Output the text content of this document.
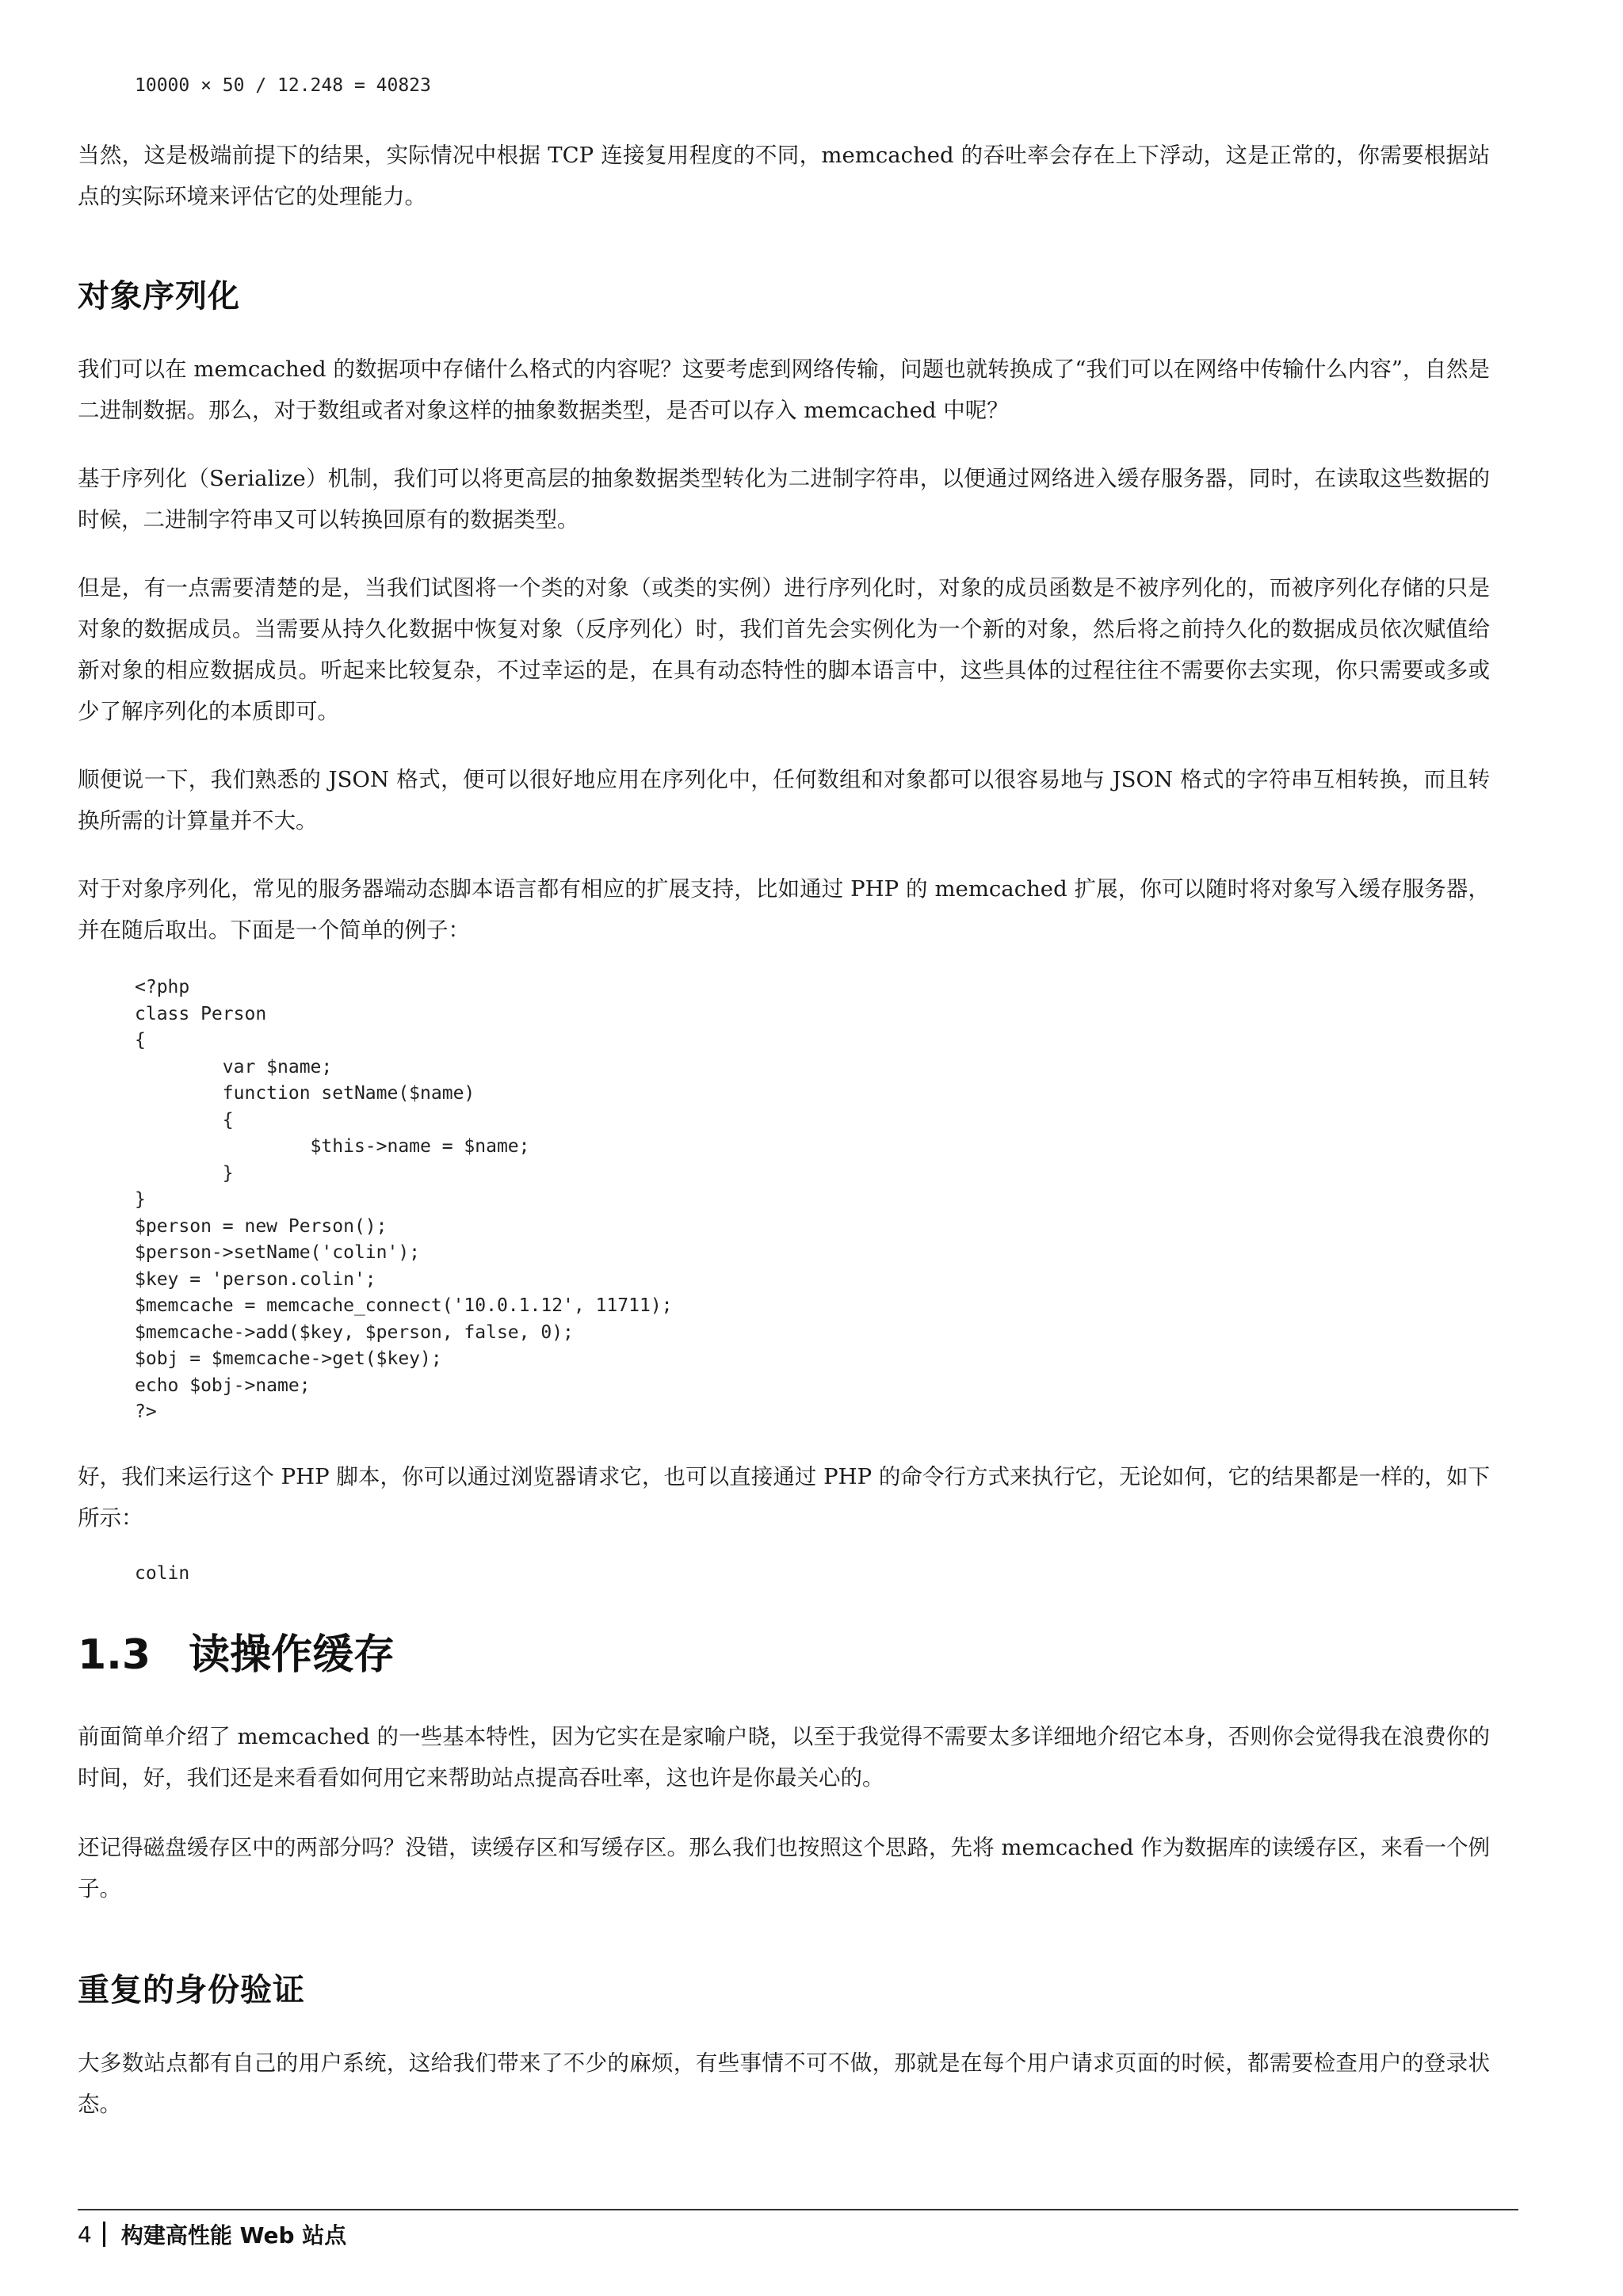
10000 × 50 / 12.248 = 40823

当然，这是极端前提下的结果，实际情况中根据 TCP 连接复用程度的不同，memcached 的吞吐率会存在上下浮动，这是正常的，你需要根据站点的实际环境来评估它的处理能力。

对象序列化

我们可以在 memcached 的数据项中存储什么格式的内容呢？这要考虑到网络传输，问题也就转换成了“我们可以在网络中传输什么内容”，自然是二进制数据。那么，对于数组或者对象这样的抽象数据类型，是否可以存入 memcached 中呢？

基于序列化（Serialize）机制，我们可以将更高层的抽象数据类型转化为二进制字符串，以便通过网络进入缓存服务器，同时，在读取这些数据的时候，二进制字符串又可以转换回原有的数据类型。

但是，有一点需要清楚的是，当我们试图将一个类的对象（或类的实例）进行序列化时，对象的成员函数是不被序列化的，而被序列化存储的只是对象的数据成员。当需要从持久化数据中恢复对象（反序列化）时，我们首先会实例化为一个新的对象，然后将之前持久化的数据成员依次赋值给新对象的相应数据成员。听起来比较复杂，不过幸运的是，在具有动态特性的脚本语言中，这些具体的过程往往不需要你去实现，你只需要或多或少了解序列化的本质即可。

顺便说一下，我们熟悉的 JSON 格式，便可以很好地应用在序列化中，任何数组和对象都可以很容易地与 JSON 格式的字符串互相转换，而且转换所需的计算量并不大。

对于对象序列化，常见的服务器端动态脚本语言都有相应的扩展支持，比如通过 PHP 的 memcached 扩展，你可以随时将对象写入缓存服务器，并在随后取出。下面是一个简单的例子：

<?php
class Person
{
var $name;
function setName($name)
{
$this->name = $name;
}
}
$person = new Person();
$person->setName('colin');
$key = 'person.colin';
$memcache = memcache_connect('10.0.1.12', 11711);
$memcache->add($key, $person, false, 0);
$obj = $memcache->get($key);
echo $obj->name;
?>

好，我们来运行这个 PHP 脚本，你可以通过浏览器请求它，也可以直接通过 PHP 的命令行方式来执行它，无论如何，它的结果都是一样的，如下所示：

colin
1.3 读操作缓存

前面简单介绍了 memcached 的一些基本特性，因为它实在是家喻户晓，以至于我觉得不需要太多详细地介绍它本身，否则你会觉得我在浪费你的时间，好，我们还是来看看如何用它来帮助站点提高吞吐率，这也许是你最关心的。

还记得磁盘缓存区中的两部分吗？没错，读缓存区和写缓存区。那么我们也按照这个思路，先将 memcached 作为数据库的读缓存区，来看一个例子。

重复的身份验证

大多数站点都有自己的用户系统，这给我们带来了不少的麻烦，有些事情不可不做，那就是在每个用户请求页面的时候，都需要检查用户的登录状态。

4 构建高性能 Web 站点
